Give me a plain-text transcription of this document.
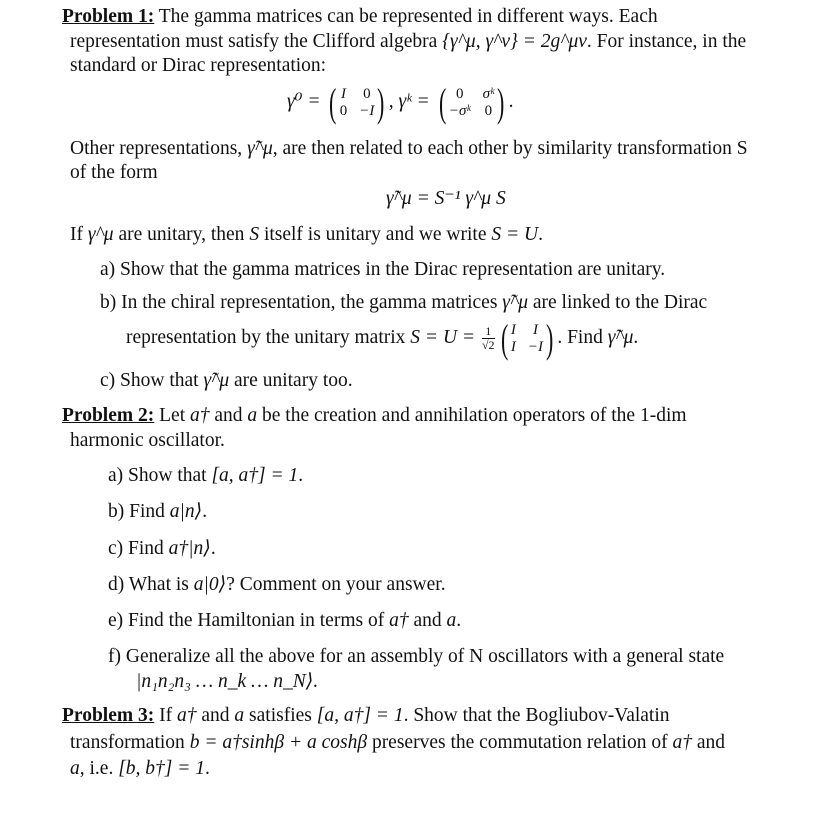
Problem 1: The gamma matrices can be represented in different ways. Each
representation must satisfy the Clifford algebra {γ^μ, γ^ν} = 2g^μν. For instance, in the
standard or Dirac representation:
γ⁰ = ( I 0
0 −I ) , γᵏ = ( 0	σᵏ
−σᵏ 0 ) .
Other representations, γ̃^μ, are then related to each other by similarity transformation S
of the form
γ̃^μ = S⁻¹ γ^μ S
If γ^μ are unitary, then S itself is unitary and we write S = U.
a) Show that the gamma matrices in the Dirac representation are unitary.
b) In the chiral representation, the gamma matrices γ̃^μ are linked to the Dirac
representation by the unitary matrix $S = U = \frac{1}{√2}$ ( I	I
I −I ) . Find γ̃^μ.
c) Show that γ̃^μ are unitary too.
Problem 2: Let a† and a be the creation and annihilation operators of the 1-dim
harmonic oscillator.
a) Show that [a, a†] = 1.
b) Find a|n⟩.
c) Find a†|n⟩.
d) What is a|0⟩? Comment on your answer.
e) Find the Hamiltonian in terms of a† and a.
f) Generalize all the above for an assembly of N oscillators with a general state
|n₁n₂n₃ … n_k … n_N⟩.
Problem 3: If a† and a satisfies [a, a†] = 1. Show that the Bogliubov-Valatin
transformation b = a†sinhβ + a coshβ preserves the commutation relation of a† and
a, i.e. [b, b†] = 1.
